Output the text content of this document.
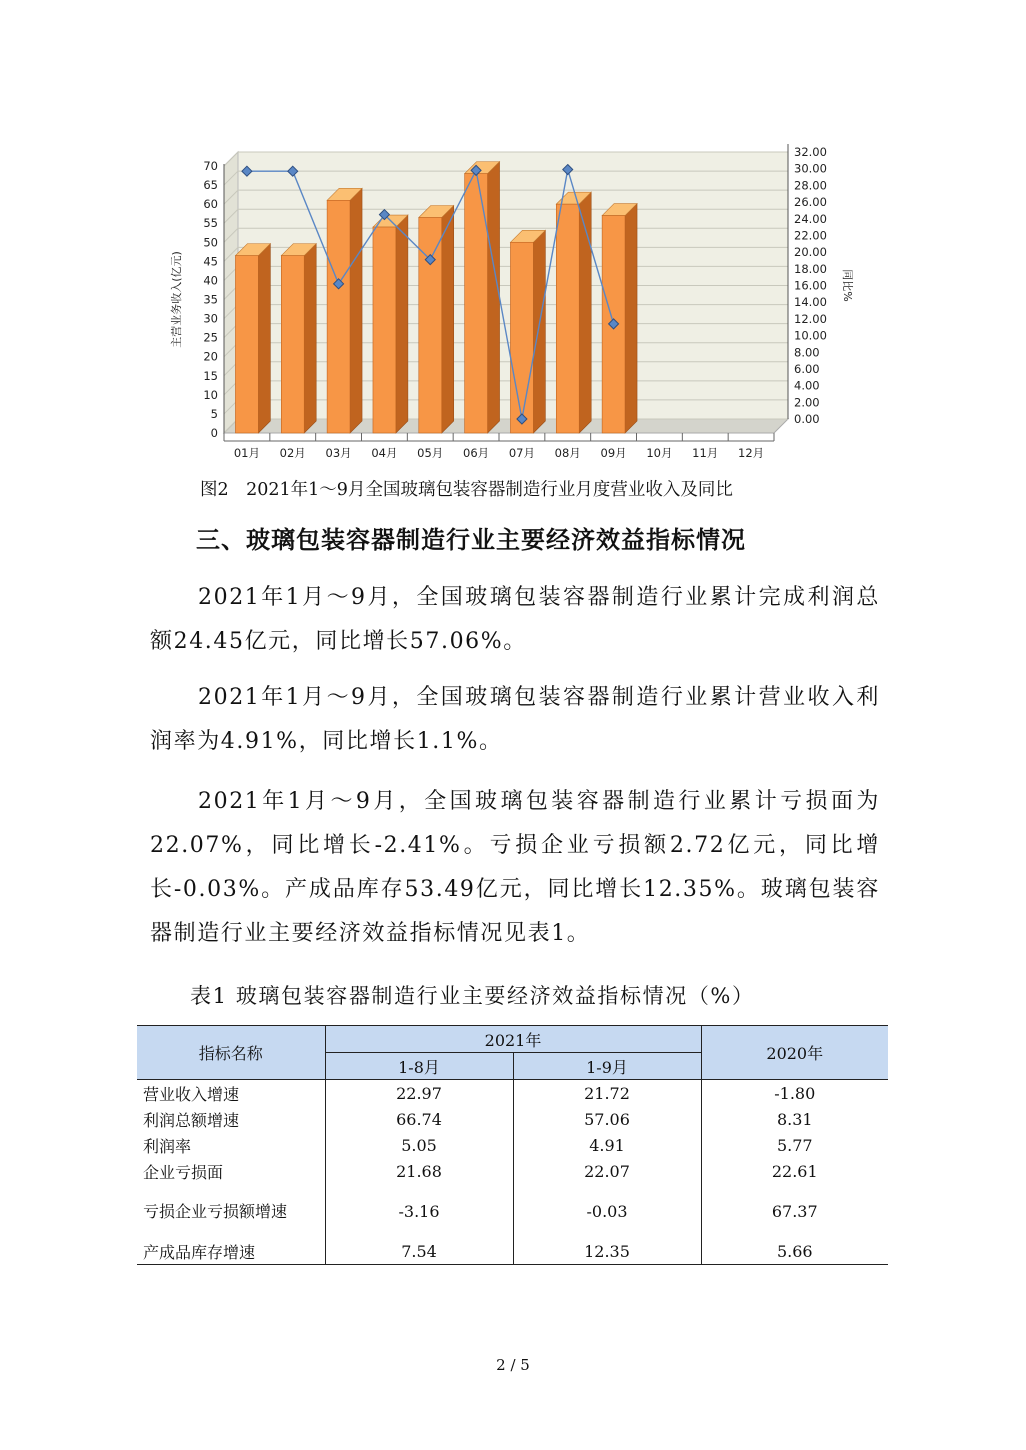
0
5
10
15
20
25
30
35
40
45
50
55
60
65
70
0.00
2.00
4.00
6.00
8.00
10.00
12.00
14.00
16.00
18.00
20.00
22.00
24.00
26.00
28.00
30.00
32.00
主营业务收入(亿元)	同比%
01月 02月 03月 04月 05月 06月 07月 08月 09月 10月 11月 12月
图2　2021年1～9月全国玻璃包装容器制造行业月度营业收入及同比
三、玻璃包装容器制造行业主要经济效益指标情况

2021年1月～9月，全国玻璃包装容器制造行业累计完成利润总额24.45亿元，同比增长57.06%。

2021年1月～9月，全国玻璃包装容器制造行业累计营业收入利润率为4.91%，同比增长1.1%。

2021年1月～9月，全国玻璃包装容器制造行业累计亏损面为22.07%，同比增长-2.41%。亏损企业亏损额2.72亿元，同比增长-0.03%。产成品库存53.49亿元，同比增长12.35%。玻璃包装容器制造行业主要经济效益指标情况见表1。

表1 玻璃包装容器制造行业主要经济效益指标情况（%）
指标名称	2021年		2020年
	1-8月	1-9月	
营业收入增速	22.97	21.72	-1.80
利润总额增速	66.74	57.06	8.31
利润率	5.05	4.91	5.77
企业亏损面	21.68	22.07	22.61
亏损企业亏损额增速	-3.16	-0.03	67.37
产成品库存增速	7.54	12.35	5.66
2 / 5
